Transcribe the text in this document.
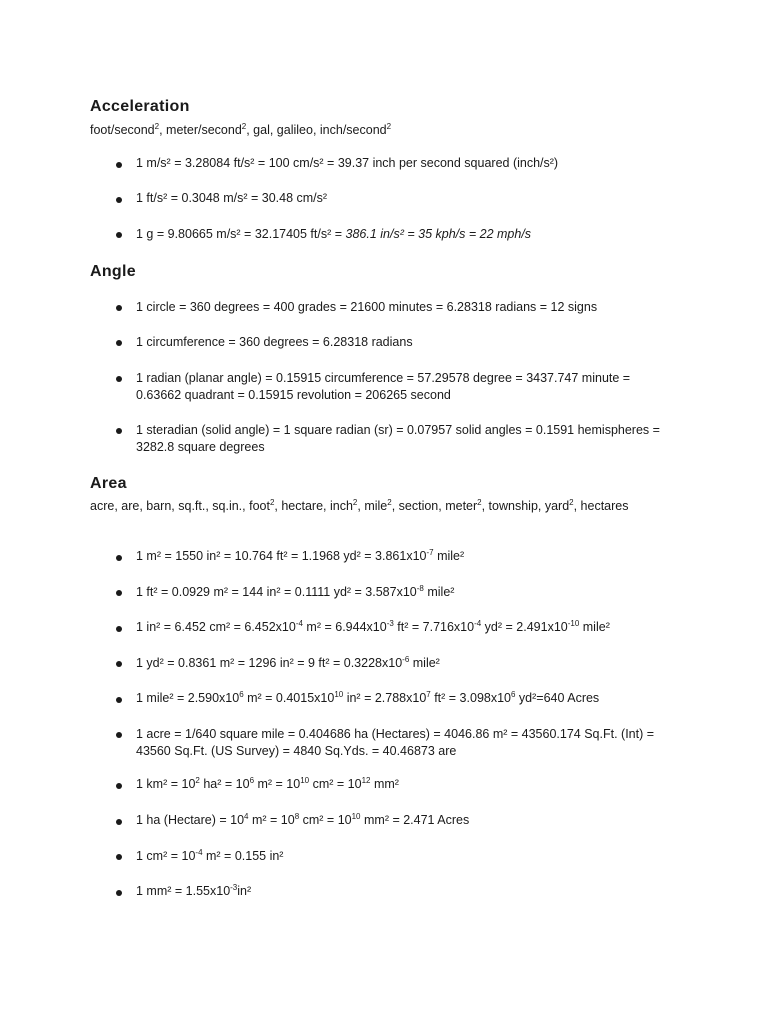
Acceleration

foot/second$^2$, meter/second$^2$, gal, galileo, inch/second$^2$

1 m/s² = 3.28084 ft/s² = 100 cm/s² = 39.37 inch per second squared (inch/s²)
1 ft/s² = 0.3048 m/s² = 30.48 cm/s²
1 g = 9.80665 m/s² = 32.17405 ft/s² = 386.1 in/s² = 35 kph/s = 22 mph/s
Angle
1 circle = 360 degrees = 400 grades = 21600 minutes = 6.28318 radians = 12 signs
1 circumference = 360 degrees = 6.28318 radians
1 radian (planar angle) = 0.15915 circumference = 57.29578 degree = 3437.747 minute = 0.63662 quadrant = 0.15915 revolution = 206265 second
1 steradian (solid angle) = 1 square radian (sr) = 0.07957 solid angles = 0.1591 hemispheres = 3282.8 square degrees
Area

acre, are, barn, sq.ft., sq.in., foot$^2$, hectare, inch$^2$, mile$^2$, section, meter$^2$, township, yard$^2$, hectares

1 m² = 1550 in² = 10.764 ft² = 1.1968 $yd^2 = 3.861x10^{-7}$ mile²
1 ft² = 0.0929 m² = 144 in² = 0.1111 $yd^2 = 3.587x10^{-8}$ mile²
1 in² = 6.452 $cm^2 = 6.452x10^{-4}$ $m^2 = 6.944x10^{-3}$ $ft^2 = 7.716x10^{-4}$ $yd^2 = 2.491x10^{-10}$ mile²
1 yd² = 0.8361 m² = 1296 in² = 9 $ft^2 = 0.3228x10^{-6}$ mile²
1 mile² = $2.590x10^6$ $m^2 = 0.4015x10^{10}$ $in^2 = 2.788x10^7$ $ft^2 = 3.098x10^6$ yd²=640 Acres
1 acre = 1/640 square mile = 0.404686 ha (Hectares) = 4046.86 m² = 43560.174 Sq.Ft. (Int) = 43560 Sq.Ft. (US Survey) = 4840 Sq.Yds. = 40.46873 are
1 $km^2 = 10^2$ $ha^2 = 10^6$ $m^2 = 10^{10}$ $cm^2 = 10^{12}$ mm²
1 ha (Hectare) = $10^4$ $m^2 = 10^8$ $cm^2 = 10^{10}$ mm² = 2.471 Acres
1 $cm^2 = 10^{-4}$ m² = 0.155 in²
1 $mm^2 = 1.55x10^{-3}in^2$
